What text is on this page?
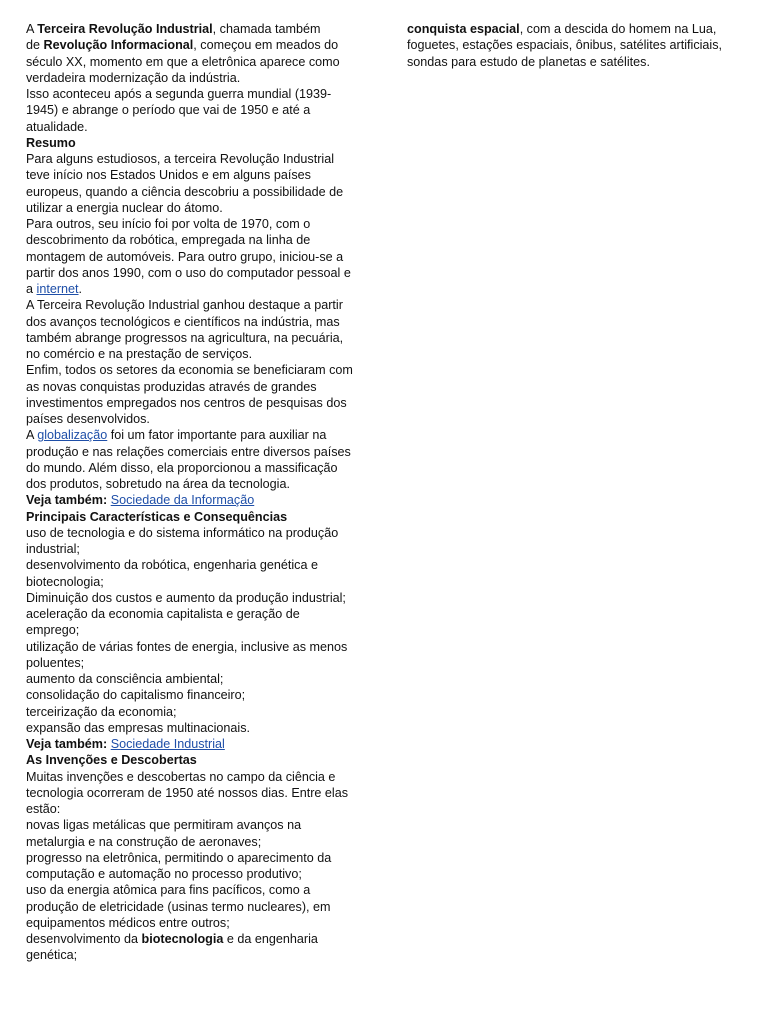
A Terceira Revolução Industrial, chamada também

de Revolução Informacional, começou em meados do

século XX, momento em que a eletrônica aparece como

verdadeira modernização da indústria.

Isso aconteceu após a segunda guerra mundial (1939-

1945) e abrange o período que vai de 1950 e até a

atualidade.

Resumo

Para alguns estudiosos, a terceira Revolução Industrial

teve início nos Estados Unidos e em alguns países

europeus, quando a ciência descobriu a possibilidade de

utilizar a energia nuclear do átomo.

Para outros, seu início foi por volta de 1970, com o

descobrimento da robótica, empregada na linha de

montagem de automóveis. Para outro grupo, iniciou-se a

partir dos anos 1990, com o uso do computador pessoal e

a internet.

A Terceira Revolução Industrial ganhou destaque a partir

dos avanços tecnológicos e científicos na indústria, mas

também abrange progressos na agricultura, na pecuária,

no comércio e na prestação de serviços.

Enfim, todos os setores da economia se beneficiaram com

as novas conquistas produzidas através de grandes

investimentos empregados nos centros de pesquisas dos

países desenvolvidos.

A globalização foi um fator importante para auxiliar na

produção e nas relações comerciais entre diversos países

do mundo. Além disso, ela proporcionou a massificação

dos produtos, sobretudo na área da tecnologia.

Veja também: Sociedade da Informação

Principais Características e Consequências

uso de tecnologia e do sistema informático na produção

industrial;

desenvolvimento da robótica, engenharia genética e

biotecnologia;

Diminuição dos custos e aumento da produção industrial;

aceleração da economia capitalista e geração de

emprego;

utilização de várias fontes de energia, inclusive as menos

poluentes;

aumento da consciência ambiental;

consolidação do capitalismo financeiro;

terceirização da economia;

expansão das empresas multinacionais.

Veja também: Sociedade Industrial

As Invenções e Descobertas

Muitas invenções e descobertas no campo da ciência e

tecnologia ocorreram de 1950 até nossos dias. Entre elas

estão:

novas ligas metálicas que permitiram avanços na

metalurgia e na construção de aeronaves;

progresso na eletrônica, permitindo o aparecimento da

computação e automação no processo produtivo;

uso da energia atômica para fins pacíficos, como a

produção de eletricidade (usinas termo nucleares), em

equipamentos médicos entre outros;

desenvolvimento da biotecnologia e da engenharia

genética;

conquista espacial, com a descida do homem na Lua,

foguetes, estações espaciais, ônibus, satélites artificiais,

sondas para estudo de planetas e satélites.
